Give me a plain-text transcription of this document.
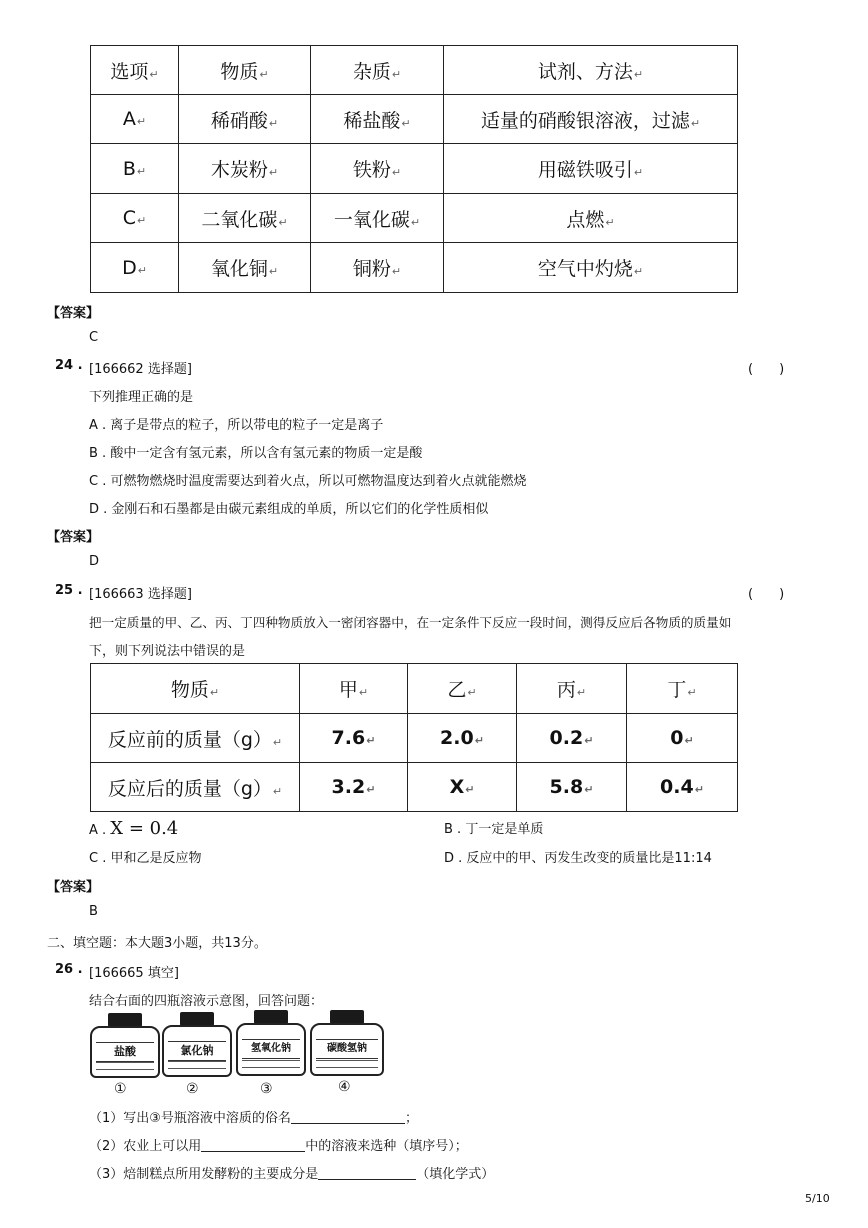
选项↵	物质↵	杂质↵	试剂、方法↵
A↵	稀硝酸↵	稀盐酸↵	适量的硝酸银溶液，过滤↵
B↵	木炭粉↵	铁粉↵	用磁铁吸引↵
C↵	二氧化碳↵	一氧化碳↵	点燃↵
D↵	氧化铜↵	铜粉↵	空气中灼烧↵
【答案】
C
24 . [166662 选择题]	(　　)
下列推理正确的是
A . 离子是带点的粒子，所以带电的粒子一定是离子
B . 酸中一定含有氢元素，所以含有氢元素的物质一定是酸
C . 可燃物燃烧时温度需要达到着火点，所以可燃物温度达到着火点就能燃烧
D . 金刚石和石墨都是由碳元素组成的单质，所以它们的化学性质相似
【答案】
D
25 . [166663 选择题]	(　　)
把一定质量的甲、乙、丙、丁四种物质放入一密闭容器中，在一定条件下反应一段时间，测得反应后各物质的质量如
下，则下列说法中错误的是
物质↵	甲↵	乙↵	丙↵	丁↵
反应前的质量（g）↵	7.6↵	2.0↵	0.2↵	0↵
反应后的质量（g）↵	3.2↵	X↵	5.8↵	0.4↵
A . X = 0.4	B . 丁一定是单质
C . 甲和乙是反应物	D . 反应中的甲、丙发生改变的质量比是11:14
【答案】
B
二、填空题：本大题3小题，共13分。
26 . [166665 填空]
结合右面的四瓶溶液示意图，回答问题：
盐酸	氯化钠	氢氧化钠	碳酸氢钠
①	②	③	④
（1）写出③号瓶溶液中溶质的俗名	；
（2）农业上可以用	中的溶液来选种（填序号）；
（3）焙制糕点所用发酵粉的主要成分是	（填化学式）
5/10
